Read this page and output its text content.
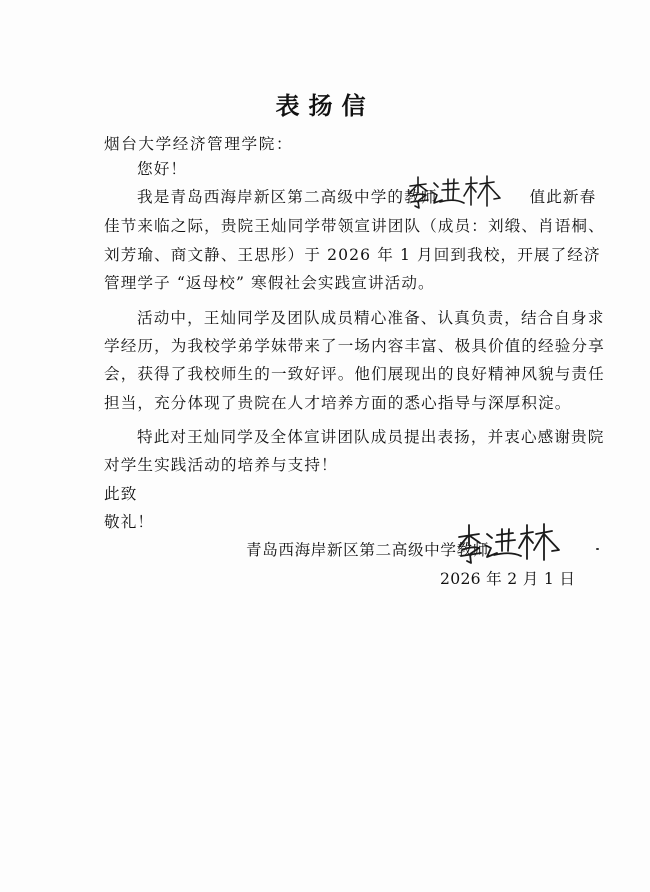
表扬信
烟台大学经济管理学院：
您好！
我是青岛西海岸新区第二高级中学的教师	值此新春
佳节来临之际，贵院王灿同学带领宣讲团队（成员：刘缎、肖语桐、
刘芳瑜、商文静、王思彤）于 2026 年 1 月回到我校，开展了经济
管理学子 “返母校” 寒假社会实践宣讲活动。
活动中，王灿同学及团队成员精心准备、认真负责，结合自身求
学经历，为我校学弟学妹带来了一场内容丰富、极具价值的经验分享
会，获得了我校师生的一致好评。他们展现出的良好精神风貌与责任
担当，充分体现了贵院在人才培养方面的悉心指导与深厚积淀。
特此对王灿同学及全体宣讲团队成员提出表扬，并衷心感谢贵院
对学生实践活动的培养与支持！
此致
敬礼！
青岛西海岸新区第二高级中学教师
2026 年 2 月 1 日
